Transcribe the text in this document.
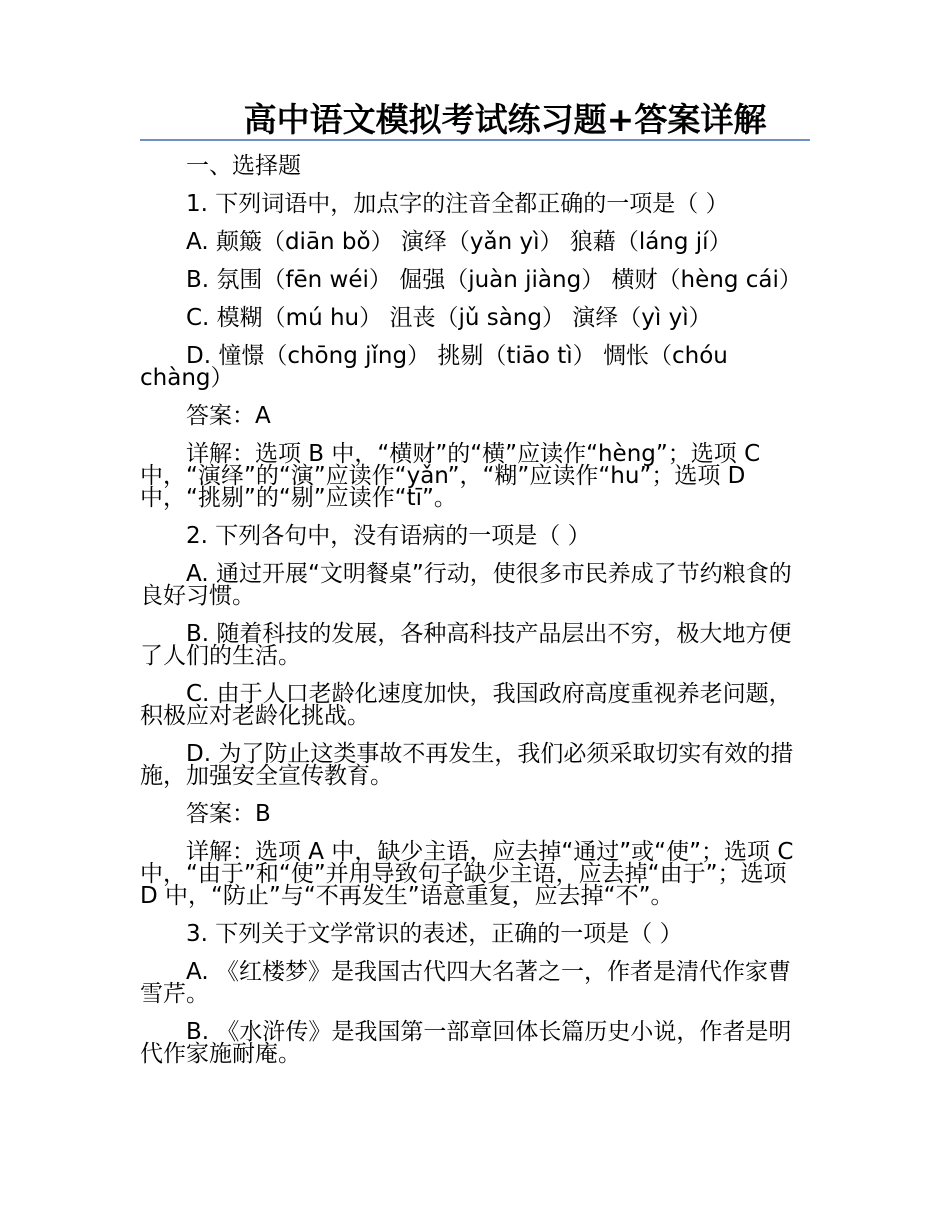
高中语文模拟考试练习题+答案详解

一、选择题

1. 下列词语中，加点字的注音全都正确的一项是（ ）

A. 颠簸（diān bǒ） 演绎（yǎn yì） 狼藉（láng jí）

B. 氛围（fēn wéi） 倔强（juàn jiàng） 横财（hèng cái）

C. 模糊（mú hu） 沮丧（jǔ sàng） 演绎（yì yì）

D. 憧憬（chōng jǐng） 挑剔（tiāo tì） 惆怅（chóu chàng）

答案：A

详解：选项 B 中，“横财”的“横”应读作“hèng”；选项 C 中，“演绎”的“演”应读作“yǎn”，“糊”应读作“hu”；选项 D 中，“挑剔”的“剔”应读作“tī”。

2. 下列各句中，没有语病的一项是（ ）

A. 通过开展“文明餐桌”行动，使很多市民养成了节约粮食的良好习惯。

B. 随着科技的发展，各种高科技产品层出不穷，极大地方便了人们的生活。

C. 由于人口老龄化速度加快，我国政府高度重视养老问题，积极应对老龄化挑战。

D. 为了防止这类事故不再发生，我们必须采取切实有效的措施，加强安全宣传教育。

答案：B

详解：选项 A 中，缺少主语，应去掉“通过”或“使”；选项 C 中，“由于”和“使”并用导致句子缺少主语，应去掉“由于”；选项 D 中，“防止”与“不再发生”语意重复，应去掉“不”。

3. 下列关于文学常识的表述，正确的一项是（ ）

A. 《红楼梦》是我国古代四大名著之一，作者是清代作家曹雪芹。

B. 《水浒传》是我国第一部章回体长篇历史小说，作者是明代作家施耐庵。
